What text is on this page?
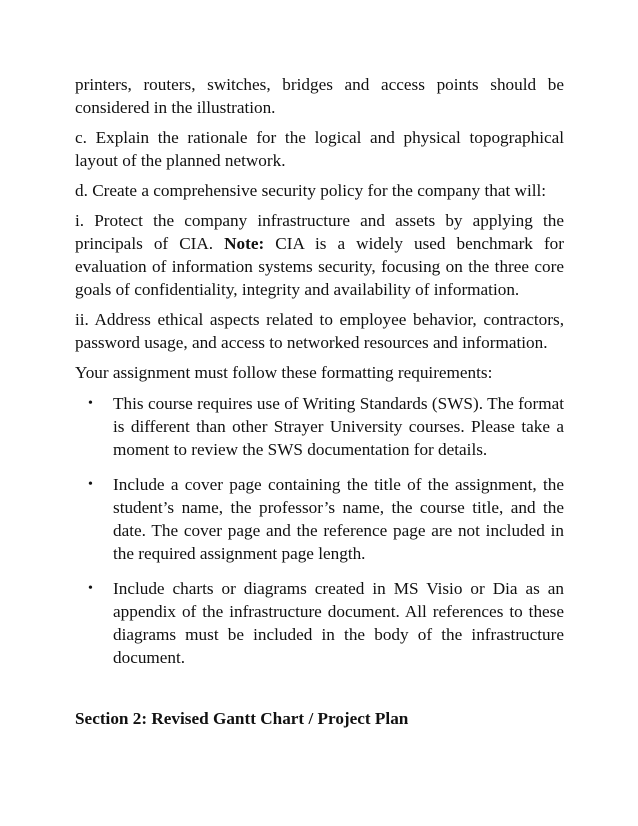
printers, routers, switches, bridges and access points should be considered in the illustration.

c. Explain the rationale for the logical and physical topographical layout of the planned network.

d. Create a comprehensive security policy for the company that will:

i. Protect the company infrastructure and assets by applying the principals of CIA. Note: CIA is a widely used benchmark for evaluation of information systems security, focusing on the three core goals of confidentiality, integrity and availability of information.

ii. Address ethical aspects related to employee behavior, contractors, password usage, and access to networked resources and information.

Your assignment must follow these formatting requirements:

• This course requires use of Writing Standards (SWS). The format is different than other Strayer University courses. Please take a moment to review the SWS documentation for details.
• Include a cover page containing the title of the assignment, the student’s name, the professor’s name, the course title, and the date. The cover page and the reference page are not included in the required assignment page length.
• Include charts or diagrams created in MS Visio or Dia as an appendix of the infrastructure document. All references to these diagrams must be included in the body of the infrastructure document.

Section 2: Revised Gantt Chart / Project Plan
